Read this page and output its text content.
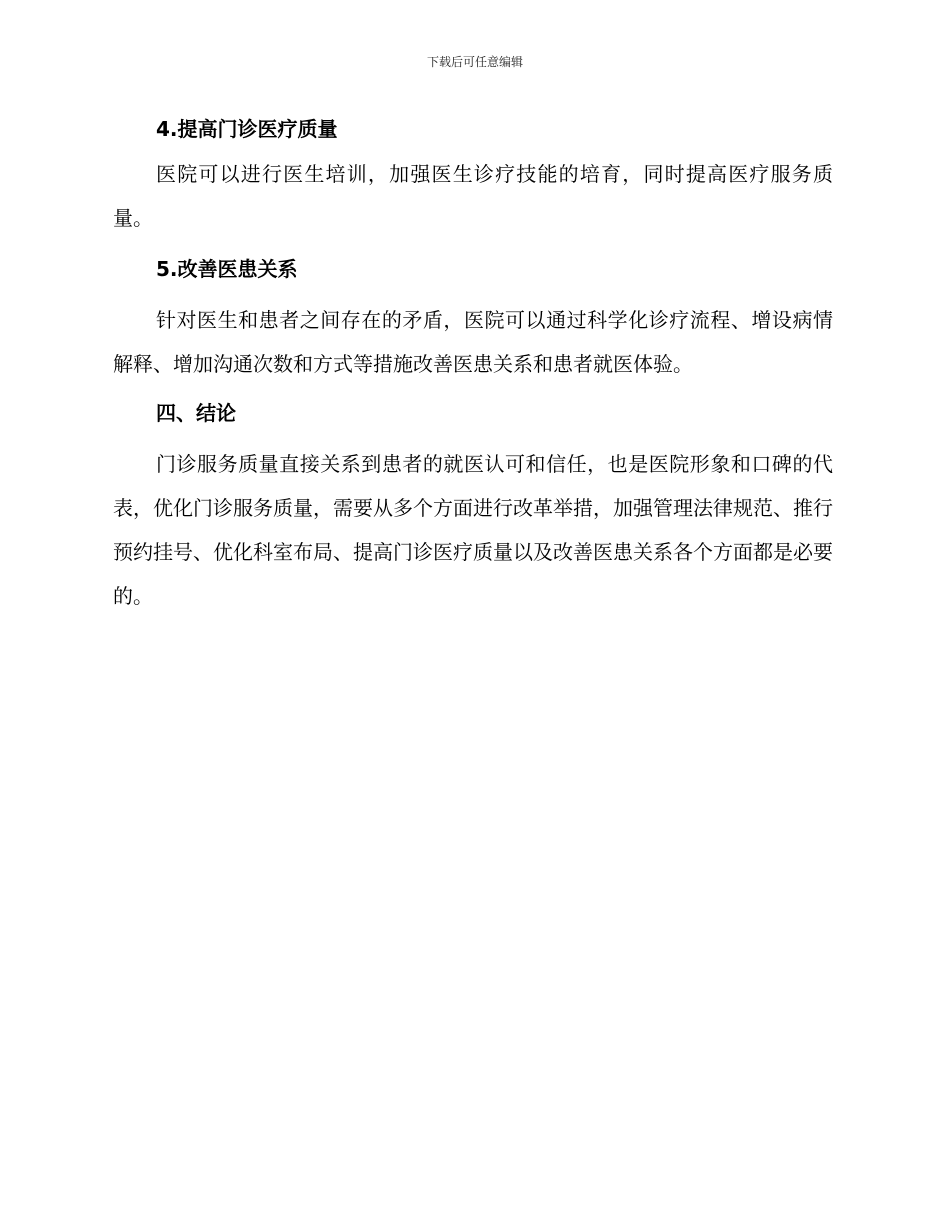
下载后可任意编辑
4.提高门诊医疗质量

医院可以进行医生培训，加强医生诊疗技能的培育，同时提高医疗服务质量。

5.改善医患关系

针对医生和患者之间存在的矛盾，医院可以通过科学化诊疗流程、增设病情解释、增加沟通次数和方式等措施改善医患关系和患者就医体验。

四、结论

门诊服务质量直接关系到患者的就医认可和信任，也是医院形象和口碑的代表，优化门诊服务质量，需要从多个方面进行改革举措，加强管理法律规范、推行预约挂号、优化科室布局、提高门诊医疗质量以及改善医患关系各个方面都是必要的。
